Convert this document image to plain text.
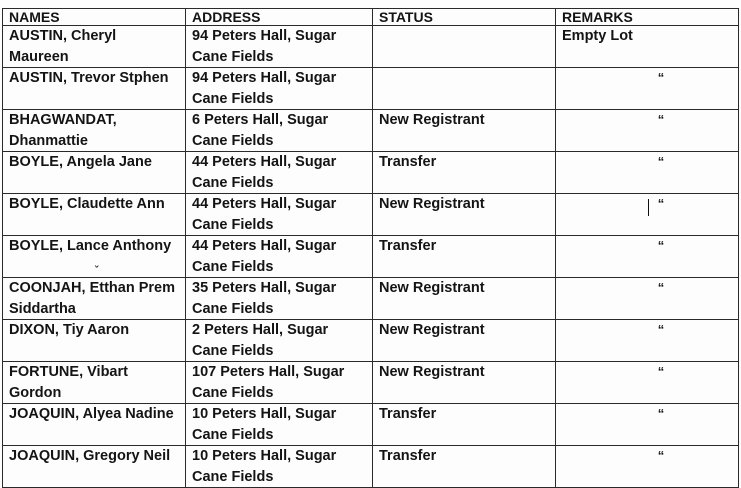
NAMES	ADDRESS	STATUS	REMARKS
AUSTIN, Cheryl Maureen	94 Peters Hall, Sugar Cane Fields		Empty Lot

AUSTIN, Trevor Stphen	94 Peters Hall, Sugar Cane Fields		“

BHAGWANDAT, Dhanmattie	6 Peters Hall, Sugar Cane Fields	New Registrant	“

BOYLE, Angela Jane	44 Peters Hall, Sugar Cane Fields	Transfer	“

BOYLE, Claudette Ann	44 Peters Hall, Sugar Cane Fields	New Registrant	“

BOYLE, Lance Anthony	44 Peters Hall, Sugar Cane Fields	Transfer	“

COONJAH, Etthan Prem Siddartha	35 Peters Hall, Sugar Cane Fields	New Registrant	“

DIXON, Tiy Aaron	2 Peters Hall, Sugar Cane Fields	New Registrant	“

FORTUNE, Vibart Gordon	107 Peters Hall, Sugar Cane Fields	New Registrant	“

JOAQUIN, Alyea Nadine	10 Peters Hall, Sugar Cane Fields	Transfer	“

JOAQUIN, Gregory Neil	10 Peters Hall, Sugar Cane Fields	Transfer	“
ˇ
